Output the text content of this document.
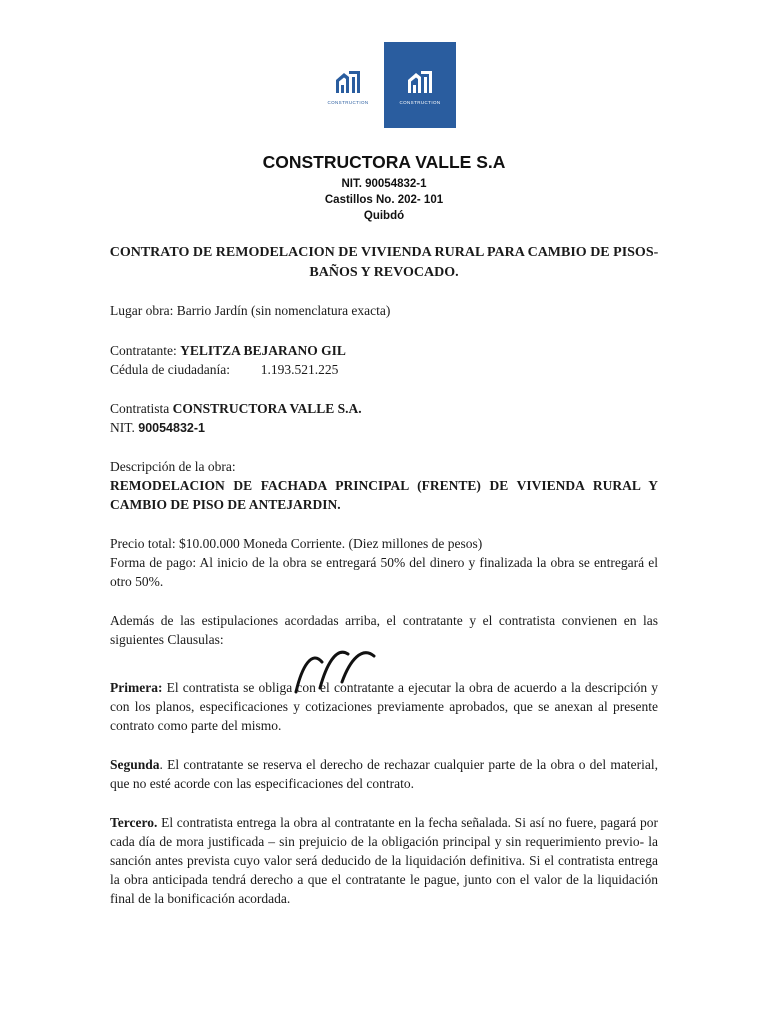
CONSTRUCTION	CONSTRUCTION
CONSTRUCTORA VALLE S.A
NIT. 90054832-1
Castillos No. 202- 101
Quibdó
CONTRATO DE REMODELACION DE VIVIENDA RURAL PARA CAMBIO DE PISOS-BAÑOS Y REVOCADO.
Lugar obra: Barrio Jardín (sin nomenclatura exacta)
Contratante: YELITZA BEJARANO GIL
Cédula de ciudadanía: 1.193.521.225
Contratista CONSTRUCTORA VALLE S.A.
NIT. 90054832-1
Descripción de la obra:
REMODELACION DE FACHADA PRINCIPAL (FRENTE) DE VIVIENDA RURAL Y CAMBIO DE PISO DE ANTEJARDIN.
Precio total: $10.00.000 Moneda Corriente. (Diez millones de pesos)
Forma de pago: Al inicio de la obra se entregará 50% del dinero y finalizada la obra se entregará el otro 50%.
Además de las estipulaciones acordadas arriba, el contratante y el contratista convienen en las siguientes Clausulas:
Primera: El contratista se obliga con el contratante a ejecutar la obra de acuerdo a la descripción y con los planos, especificaciones y cotizaciones previamente aprobados, que se anexan al presente contrato como parte del mismo.
Segunda. El contratante se reserva el derecho de rechazar cualquier parte de la obra o del material, que no esté acorde con las especificaciones del contrato.
Tercero. El contratista entrega la obra al contratante en la fecha señalada. Si así no fuere, pagará por cada día de mora justificada – sin prejuicio de la obligación principal y sin requerimiento previo- la sanción antes prevista cuyo valor será deducido de la liquidación definitiva. Si el contratista entrega la obra anticipada tendrá derecho a que el contratante le pague, junto con el valor de la liquidación final de la bonificación acordada.
